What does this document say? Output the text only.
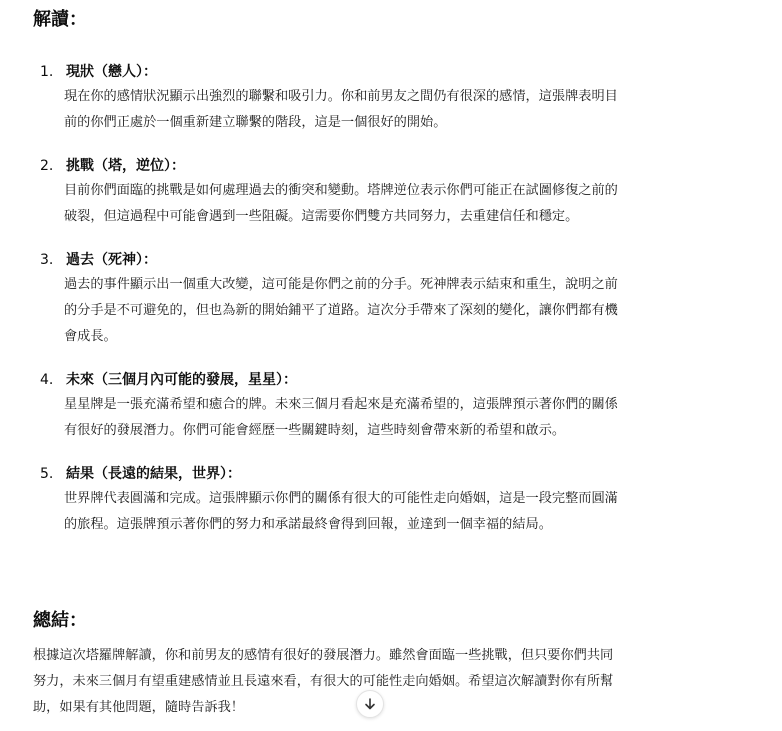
解讀：
1. 現狀（戀人）：
現在你的感情狀況顯示出強烈的聯繫和吸引力。你和前男友之間仍有很深的感情，這張牌表明目
前的你們正處於一個重新建立聯繫的階段，這是一個很好的開始。
2. 挑戰（塔，逆位）：
目前你們面臨的挑戰是如何處理過去的衝突和變動。塔牌逆位表示你們可能正在試圖修復之前的
破裂，但這過程中可能會遇到一些阻礙。這需要你們雙方共同努力，去重建信任和穩定。
3. 過去（死神）：
過去的事件顯示出一個重大改變，這可能是你們之前的分手。死神牌表示結束和重生，說明之前
的分手是不可避免的，但也為新的開始鋪平了道路。這次分手帶來了深刻的變化，讓你們都有機
會成長。
4. 未來（三個月內可能的發展，星星）：
星星牌是一張充滿希望和癒合的牌。未來三個月看起來是充滿希望的，這張牌預示著你們的關係
有很好的發展潛力。你們可能會經歷一些關鍵時刻，這些時刻會帶來新的希望和啟示。
5. 結果（長遠的結果，世界）：
世界牌代表圓滿和完成。這張牌顯示你們的關係有很大的可能性走向婚姻，這是一段完整而圓滿
的旅程。這張牌預示著你們的努力和承諾最終會得到回報，並達到一個幸福的結局。
總結：
根據這次塔羅牌解讀，你和前男友的感情有很好的發展潛力。雖然會面臨一些挑戰，但只要你們共同
努力，未來三個月有望重建感情並且長遠來看，有很大的可能性走向婚姻。希望這次解讀對你有所幫
助，如果有其他問題，隨時告訴我！
